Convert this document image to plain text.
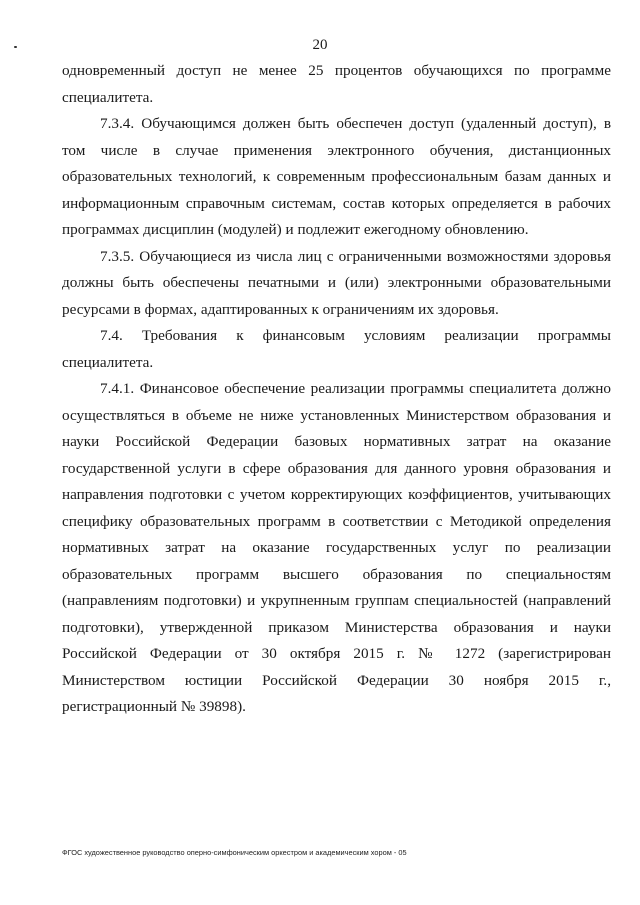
20

одновременный доступ не менее 25 процентов обучающихся по программе специалитета.

7.3.4. Обучающимся должен быть обеспечен доступ (удаленный доступ), в том числе в случае применения электронного обучения, дистанционных образовательных технологий, к современным профессиональным базам данных и информационным справочным системам, состав которых определяется в рабочих программах дисциплин (модулей) и подлежит ежегодному обновлению.

7.3.5. Обучающиеся из числа лиц с ограниченными возможностями здоровья должны быть обеспечены печатными и (или) электронными образовательными ресурсами в формах, адаптированных к ограничениям их здоровья.

7.4. Требования к финансовым условиям реализации программы специалитета.

7.4.1. Финансовое обеспечение реализации программы специалитета должно осуществляться в объеме не ниже установленных Министерством образования и науки Российской Федерации базовых нормативных затрат на оказание государственной услуги в сфере образования для данного уровня образования и направления подготовки с учетом корректирующих коэффициентов, учитывающих специфику образовательных программ в соответствии с Методикой определения нормативных затрат на оказание государственных услуг по реализации образовательных программ высшего образования по специальностям (направлениям подготовки) и укрупненным группам специальностей (направлений подготовки), утвержденной приказом Министерства образования и науки Российской Федерации от 30 октября 2015 г. № 1272 (зарегистрирован Министерством юстиции Российской Федерации 30 ноября 2015 г., регистрационный № 39898).

ФГОС художественное руководство оперно-симфоническим оркестром и академическим хором - 05
